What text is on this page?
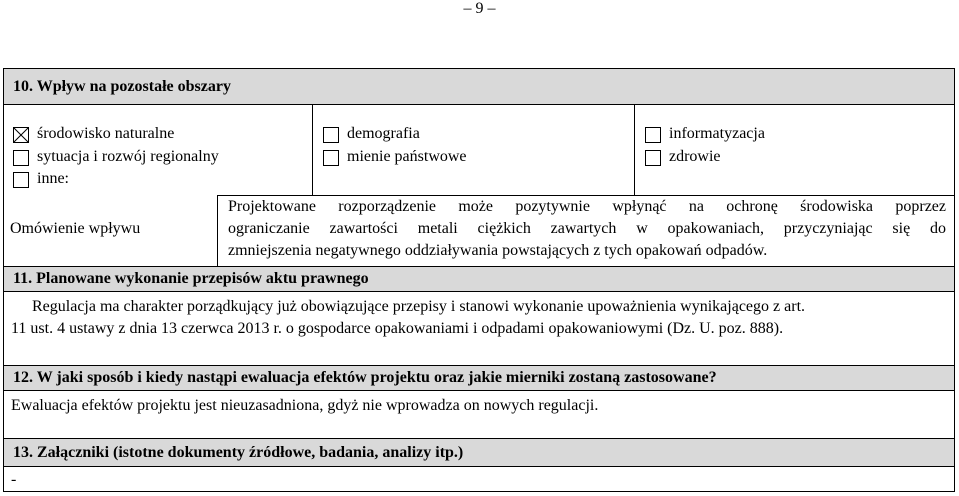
– 9 –
10. Wpływ na pozostałe obszary
środowisko naturalne
sytuacja i rozwój regionalny
inne:
demografia
mienie państwowe
informatyzacja
zdrowie
Omówienie wpływu
Projektowane rozporządzenie może pozytywnie wpłynąć na ochronę środowiska poprzez
ograniczanie zawartości metali ciężkich zawartych w opakowaniach, przyczyniając się do
zmniejszenia negatywnego oddziaływania powstających z tych opakowań odpadów.
11. Planowane wykonanie przepisów aktu prawnego
Regulacja ma charakter porządkujący już obowiązujące przepisy i stanowi wykonanie upoważnienia wynikającego z art.
11 ust. 4 ustawy z dnia 13 czerwca 2013 r. o gospodarce opakowaniami i odpadami opakowaniowymi (Dz. U. poz. 888).
12. W jaki sposób i kiedy nastąpi ewaluacja efektów projektu oraz jakie mierniki zostaną zastosowane?
Ewaluacja efektów projektu jest nieuzasadniona, gdyż nie wprowadza on nowych regulacji.
13. Załączniki (istotne dokumenty źródłowe, badania, analizy itp.)
-
